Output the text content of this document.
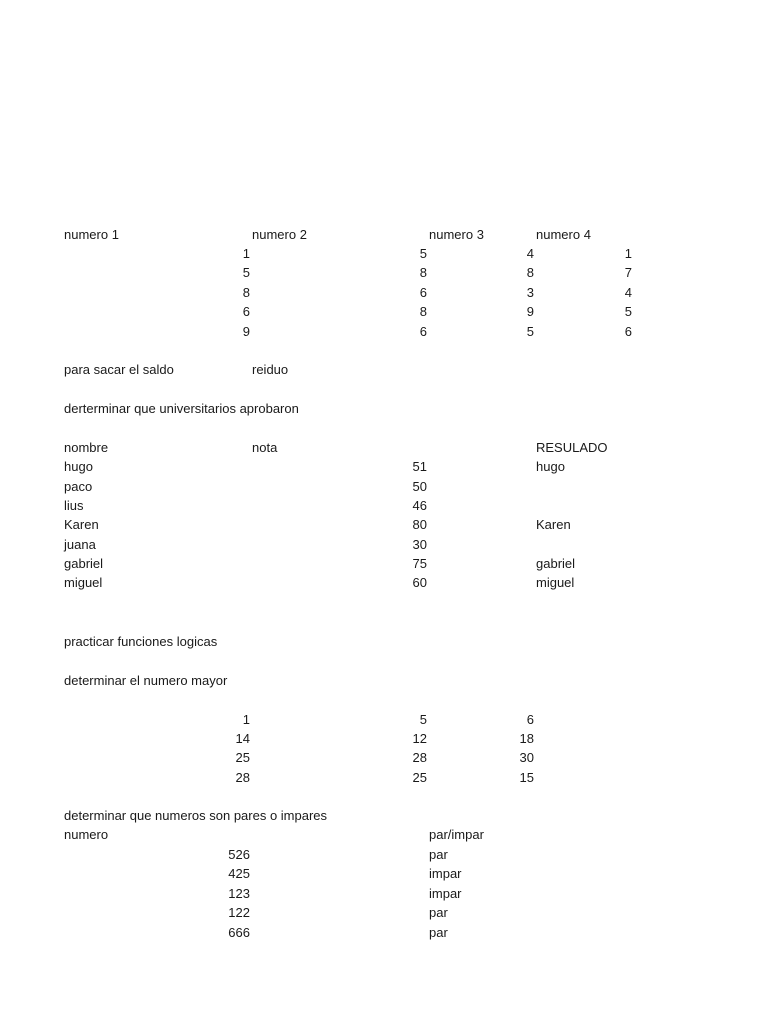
numero 1	numero 2	numero 3	numero 4
1	5	4	1
5	8	8	7
8	6	3	4
6	8	9	5
9	6	5	6
para sacar el saldo	reiduo
derterminar que universitarios aprobaron
nombre	nota	RESULADO
hugo	51	hugo
paco	50
lius	46
Karen	80	Karen
juana	30
gabriel	75	gabriel
miguel	60	miguel
practicar funciones logicas
determinar el numero mayor
1	5	6
14	12	18
25	28	30
28	25	15
determinar que numeros son pares o impares
numero	par/impar
526	par
425	impar
123	impar
122	par
666	par
